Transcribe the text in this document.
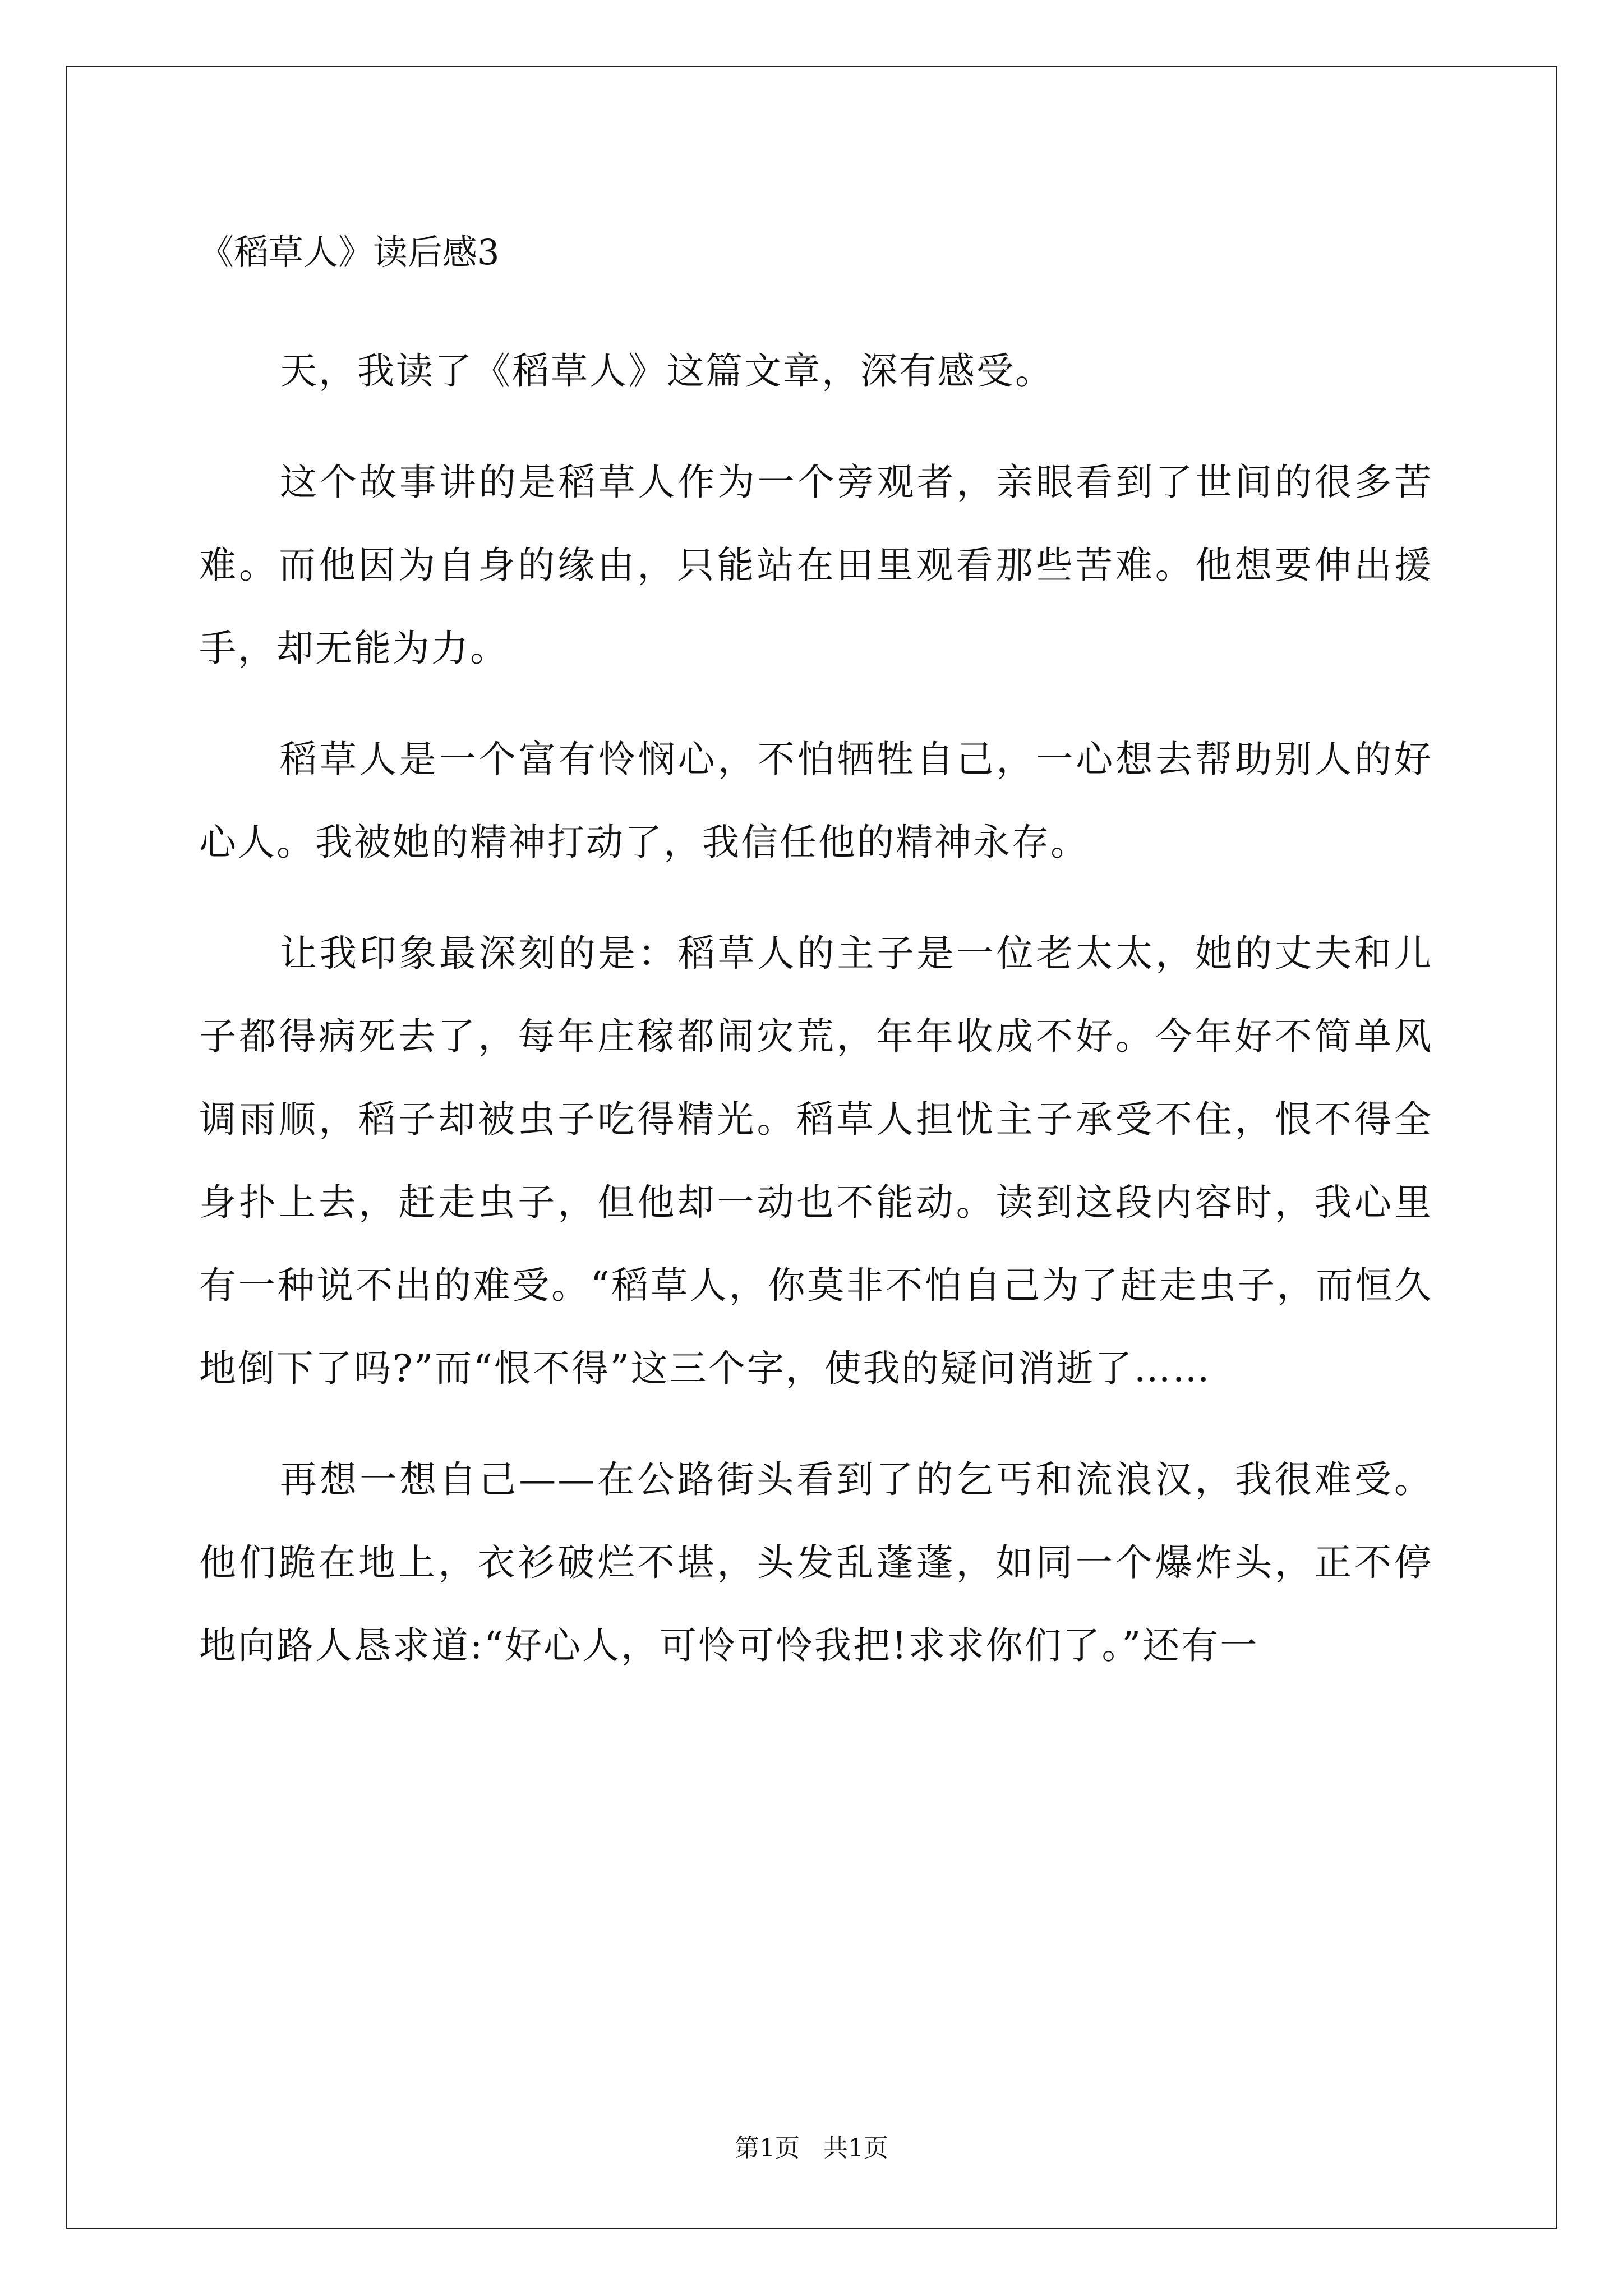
《稻草人》读后感3

天，我读了《稻草人》这篇文章，深有感受。

这个故事讲的是稻草人作为一个旁观者，亲眼看到了世间的很多苦难。而他因为自身的缘由，只能站在田里观看那些苦难。他想要伸出援手，却无能为力。

稻草人是一个富有怜悯心，不怕牺牲自己，一心想去帮助别人的好心人。我被她的精神打动了，我信任他的精神永存。

让我印象最深刻的是：稻草人的主子是一位老太太，她的丈夫和儿子都得病死去了，每年庄稼都闹灾荒，年年收成不好。今年好不简单风调雨顺，稻子却被虫子吃得精光。稻草人担忧主子承受不住，恨不得全身扑上去，赶走虫子，但他却一动也不能动。读到这段内容时，我心里有一种说不出的难受。“稻草人，你莫非不怕自己为了赶走虫子，而恒久地倒下了吗?”而“恨不得”这三个字，使我的疑问消逝了……

再想一想自己——在公路街头看到了的乞丐和流浪汉，我很难受。他们跪在地上，衣衫破烂不堪，头发乱蓬蓬，如同一个爆炸头，正不停地向路人恳求道:“好心人，可怜可怜我把!求求你们了。”还有一

第1页   共1页
